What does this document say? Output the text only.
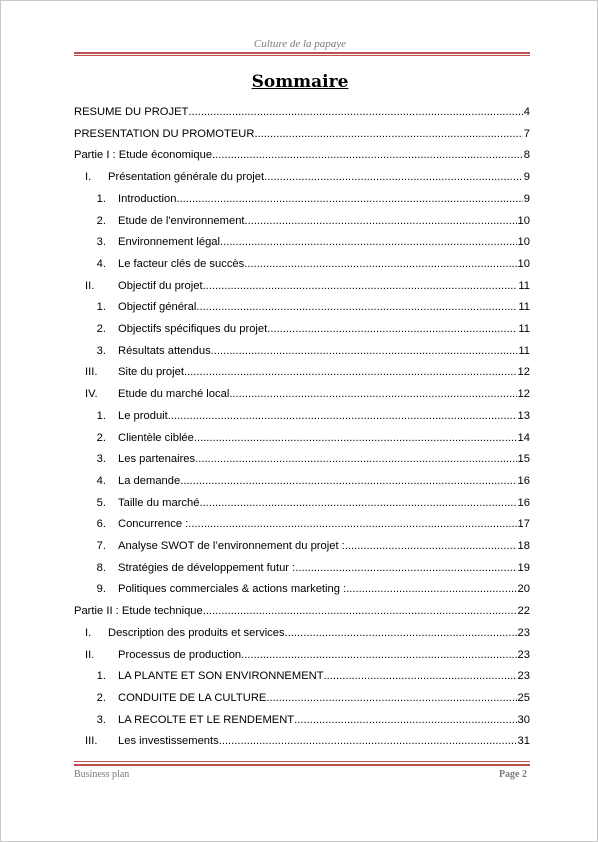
Culture de la papaye
Sommaire
RESUME DU PROJET .....	4
PRESENTATION DU PROMOTEUR .....	7
Partie I : Etude économique .....	8
I.	Présentation générale du projet .....	9
1.	Introduction .....	9
2.	Etude de l'environnement .....	10
3.	Environnement légal .....	10
4.	Le facteur clés de succès .....	10
II.	Objectif du projet .....	11
1.	Objectif général .....	11
2.	Objectifs spécifiques du projet .....	11
3.	Résultats attendus .....	11
III.	Site du projet .....	12
IV.	Etude du marché local .....	12
1.	Le produit .....	13
2.	Clientèle ciblée .....	14
3.	Les partenaires .....	15
4.	La demande .....	16
5.	Taille du marché .....	16
6.	Concurrence : .....	17
7.	Analyse SWOT de l’environnement du projet : .....	18
8.	Stratégies de développement futur : .....	19
9.	Politiques commerciales & actions marketing : .....	20
Partie II : Etude technique .....	22
I.	Description des produits et services .....	23
II.	Processus de production .....	23
1.	LA PLANTE ET SON ENVIRONNEMENT .....	23
2.	CONDUITE DE LA CULTURE .....	25
3.	LA RECOLTE ET LE RENDEMENT .....	30
III.	Les investissements .....	31
Business plan	Page 2
